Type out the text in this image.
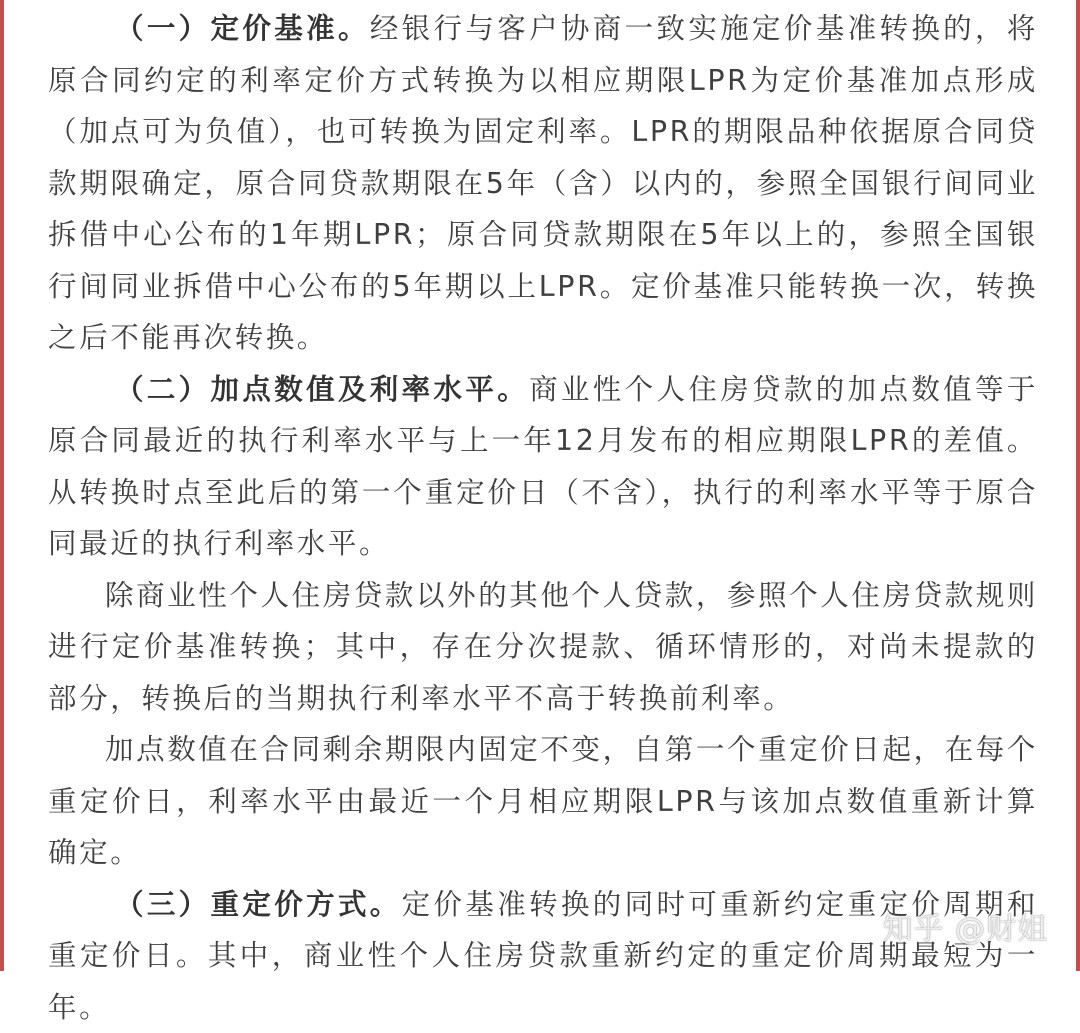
（一）定价基准。经银行与客户协商一致实施定价基准转换的，将原合同约定的利率定价方式转换为以相应期限LPR为定价基准加点形成（加点可为负值），也可转换为固定利率。LPR的期限品种依据原合同贷款期限确定，原合同贷款期限在5年（含）以内的，参照全国银行间同业拆借中心公布的1年期LPR；原合同贷款期限在5年以上的，参照全国银行间同业拆借中心公布的5年期以上LPR。定价基准只能转换一次，转换之后不能再次转换。

（二）加点数值及利率水平。商业性个人住房贷款的加点数值等于原合同最近的执行利率水平与上一年12月发布的相应期限LPR的差值。从转换时点至此后的第一个重定价日（不含），执行的利率水平等于原合同最近的执行利率水平。

除商业性个人住房贷款以外的其他个人贷款，参照个人住房贷款规则进行定价基准转换；其中，存在分次提款、循环情形的，对尚未提款的部分，转换后的当期执行利率水平不高于转换前利率。

加点数值在合同剩余期限内固定不变，自第一个重定价日起，在每个重定价日，利率水平由最近一个月相应期限LPR与该加点数值重新计算确定。

（三）重定价方式。定价基准转换的同时可重新约定重定价周期和重定价日。其中，商业性个人住房贷款重新约定的重定价周期最短为一年。

知乎 @财姐
